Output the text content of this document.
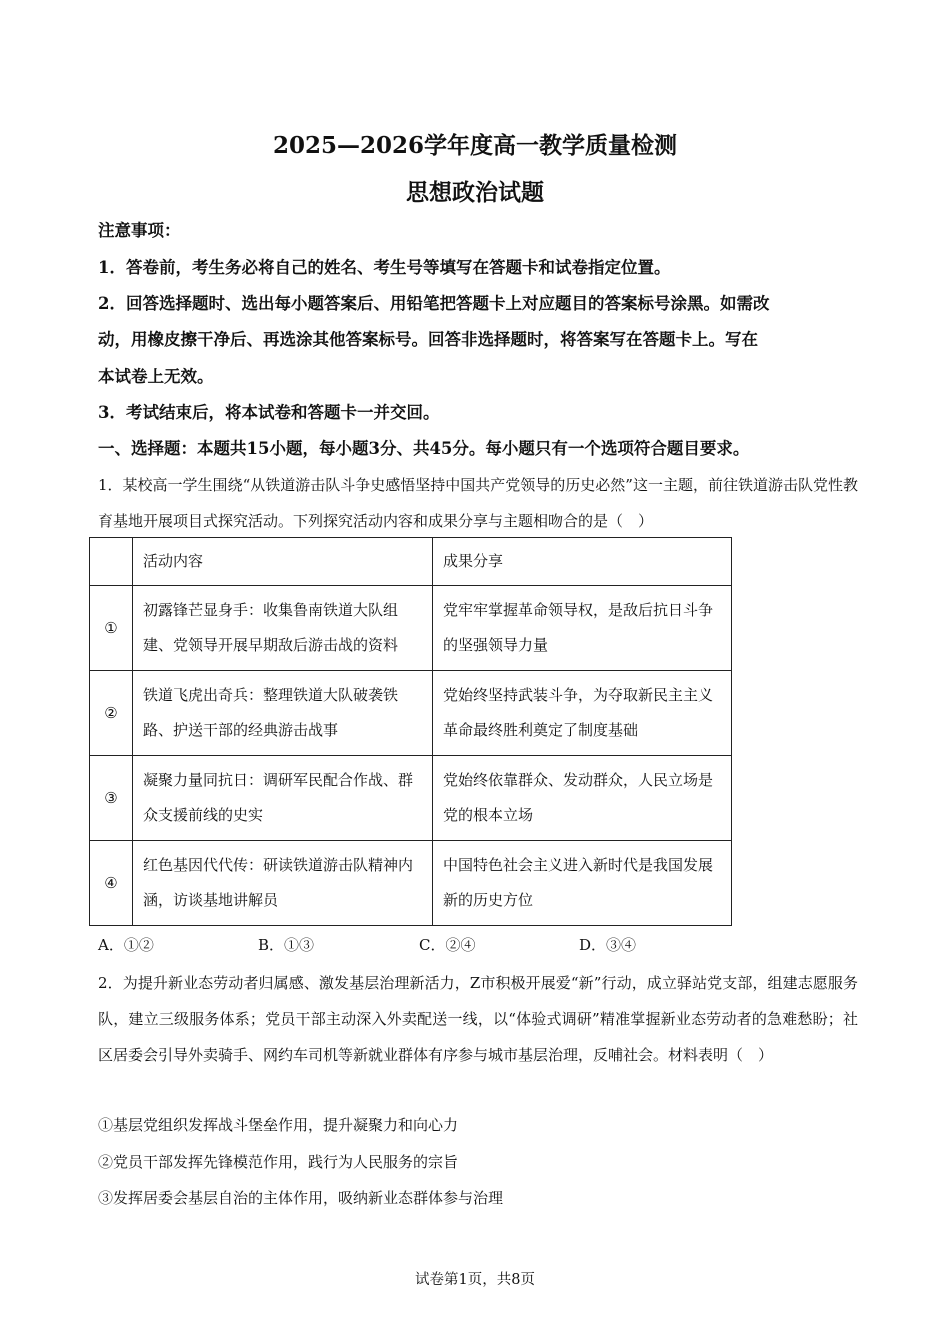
2025—2026学年度高一教学质量检测
思想政治试题
注意事项：
1．答卷前，考生务必将自己的姓名、考生号等填写在答题卡和试卷指定位置。
2．回答选择题时、选出每小题答案后、用铅笔把答题卡上对应题目的答案标号涂黑。如需改
动，用橡皮擦干净后、再选涂其他答案标号。回答非选择题时，将答案写在答题卡上。写在
本试卷上无效。
3．考试结束后，将本试卷和答题卡一并交回。
一、选择题：本题共15小题，每小题3分、共45分。每小题只有一个选项符合题目要求。
1．某校高一学生围绕“从铁道游击队斗争史感悟坚持中国共产党领导的历史必然”这一主题，前往铁道游击队党性教育基地开展项目式探究活动。下列探究活动内容和成果分享与主题相吻合的是（　）
	活动内容	成果分享
①	初露锋芒显身手：收集鲁南铁道大队组建、党领导开展早期敌后游击战的资料	党牢牢掌握革命领导权，是敌后抗日斗争的坚强领导力量
②	铁道飞虎出奇兵：整理铁道大队破袭铁路、护送干部的经典游击战事	党始终坚持武装斗争，为夺取新民主主义革命最终胜利奠定了制度基础
③	凝聚力量同抗日：调研军民配合作战、群众支援前线的史实	党始终依靠群众、发动群众，人民立场是党的根本立场
④	红色基因代代传：研读铁道游击队精神内涵，访谈基地讲解员	中国特色社会主义进入新时代是我国发展新的历史方位
A．①②	B．①③	C．②④	D．③④
2．为提升新业态劳动者归属感、激发基层治理新活力，Z市积极开展爱“新”行动，成立驿站党支部，组建志愿服务队，建立三级服务体系；党员干部主动深入外卖配送一线，以“体验式调研”精准掌握新业态劳动者的急难愁盼；社区居委会引导外卖骑手、网约车司机等新就业群体有序参与城市基层治理，反哺社会。材料表明（　）
①基层党组织发挥战斗堡垒作用，提升凝聚力和向心力
②党员干部发挥先锋模范作用，践行为人民服务的宗旨
③发挥居委会基层自治的主体作用，吸纳新业态群体参与治理
试卷第1页，共8页
